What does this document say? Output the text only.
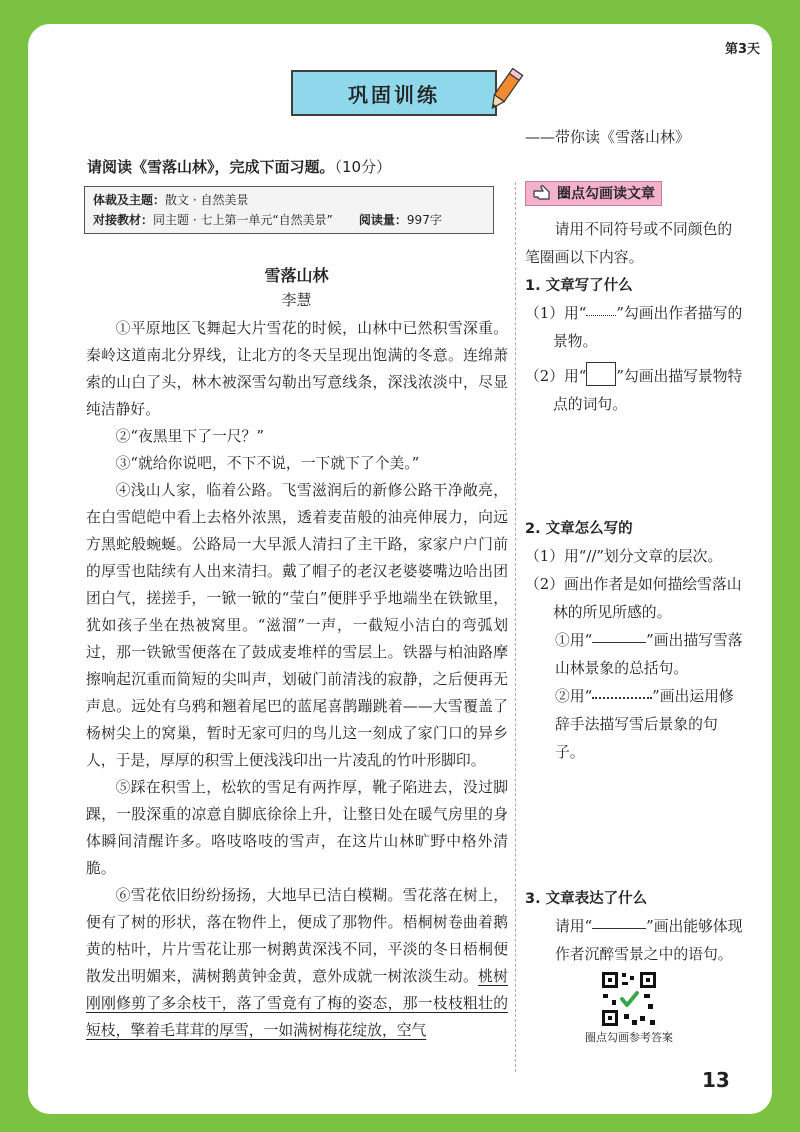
第3天
巩固训练
——带你读《雪落山林》
请阅读《雪落山林》，完成下面习题。（10分）
体裁及主题：散文 · 自然美景
对接教材：同主题 · 七上第一单元“自然美景” 阅读量：997字
雪落山林
李慧

①平原地区飞舞起大片雪花的时候，山林中已然积雪深重。秦岭这道南北分界线，让北方的冬天呈现出饱满的冬意。连绵萧索的山白了头，林木被深雪勾勒出写意线条，深浅浓淡中，尽显纯洁静好。

②“夜黑里下了一尺？”

③“就给你说吧，不下不说，一下就下了个美。”

④浅山人家，临着公路。飞雪滋润后的新修公路干净敞亮，在白雪皑皑中看上去格外浓黑，透着麦苗般的油亮伸展力，向远方黑蛇般蜿蜒。公路局一大早派人清扫了主干路，家家户户门前的厚雪也陆续有人出来清扫。戴了帽子的老汉老婆婆嘴边哈出团团白气，搓搓手，一锨一锨的“莹白”便胖乎乎地端坐在铁锨里，犹如孩子坐在热被窝里。“滋溜”一声，一截短小洁白的弯弧划过，那一铁锨雪便落在了鼓成麦堆样的雪层上。铁器与柏油路摩擦响起沉重而简短的尖叫声，划破门前清浅的寂静，之后便再无声息。远处有乌鸦和翘着尾巴的蓝尾喜鹊蹦跳着——大雪覆盖了杨树尖上的窝巢，暂时无家可归的鸟儿这一刻成了家门口的异乡人，于是，厚厚的积雪上便浅浅印出一片凌乱的竹叶形脚印。

⑤踩在积雪上，松软的雪足有两拃厚，靴子陷进去，没过脚踝，一股深重的凉意自脚底徐徐上升，让整日处在暖气房里的身体瞬间清醒许多。咯吱咯吱的雪声，在这片山林旷野中格外清脆。

⑥雪花依旧纷纷扬扬，大地早已洁白模糊。雪花落在树上，便有了树的形状，落在物件上，便成了那物件。梧桐树卷曲着鹅黄的枯叶，片片雪花让那一树鹅黄深浅不同，平淡的冬日梧桐便散发出明媚来，满树鹅黄钟金黄，意外成就一树浓淡生动。桃树刚刚修剪了多余枝干，落了雪竟有了梅的姿态，那一枝枝粗壮的短枝，擎着毛茸茸的厚雪，一如满树梅花绽放，空气

圈点勾画读文章

请用不同符号或不同颜色的笔圈画以下内容。

1. 文章写了什么

（1）用“ ”勾画出作者描写的景物。

（2）用“ ”勾画出描写景物特点的词句。

2. 文章怎么写的

（1）用“//”划分文章的层次。

（2）画出作者是如何描绘雪落山林的所见所感的。

①用“	”画出描写雪落山林景象的总括句。

②用“	”画出运用修辞手法描写雪后景象的句子。

3. 文章表达了什么

请用“	”画出能够体现作者沉醉雪景之中的语句。

圈点勾画参考答案
13
